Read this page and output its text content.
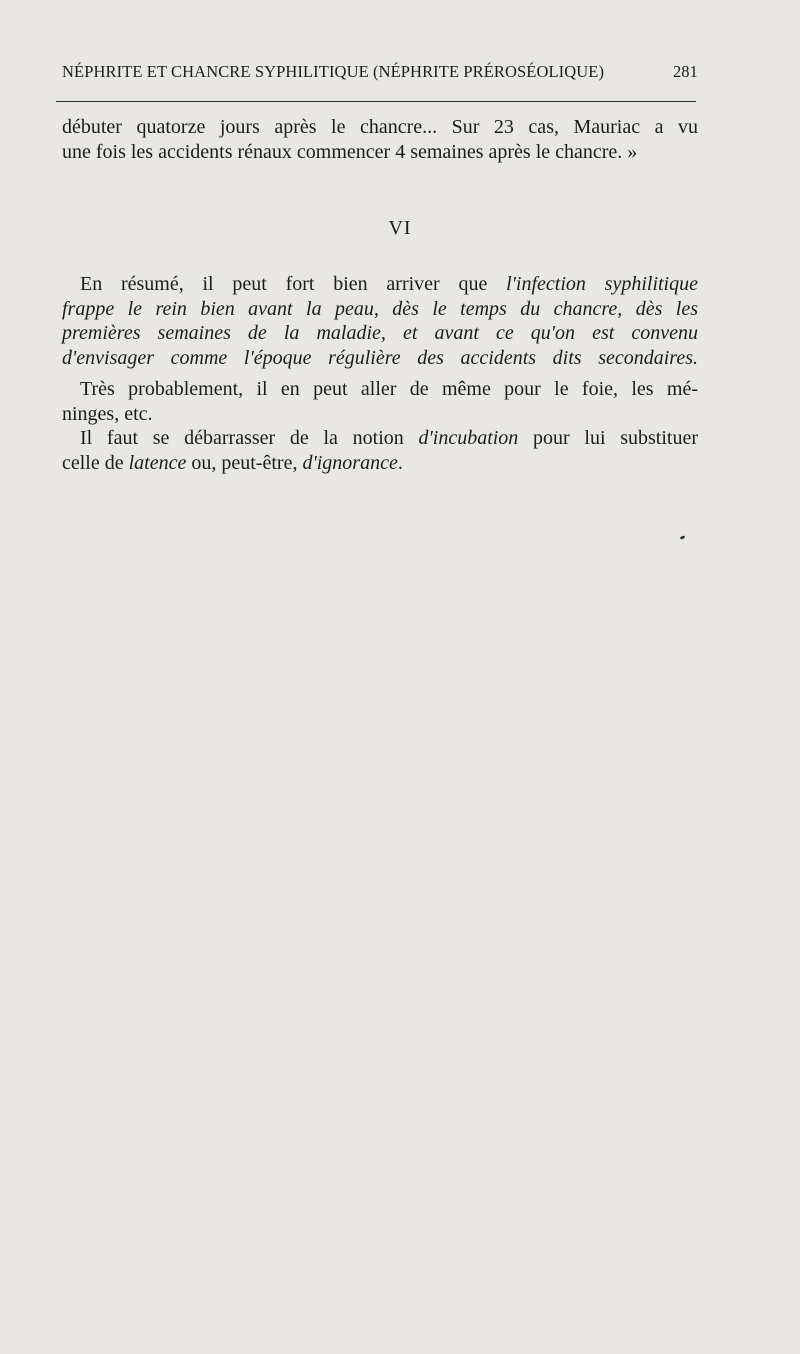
NÉPHRITE ET CHANCRE SYPHILITIQUE (NÉPHRITE PRÉROSÉOLIQUE)	281
débuter quatorze jours après le chancre... Sur 23 cas, Mauriac a vu
une fois les accidents rénaux commencer 4 semaines après le chancre. »
VI
En résumé, il peut fort bien arriver que l'infection syphilitique
frappe le rein bien avant la peau, dès le temps du chancre, dès les
premières semaines de la maladie, et avant ce qu'on est convenu
d'envisager comme l'époque régulière des accidents dits secondaires.
Très probablement, il en peut aller de même pour le foie, les mé-
ninges, etc.
Il faut se débarrasser de la notion d'incubation pour lui substituer
celle de latence ou, peut-être, d'ignorance.
